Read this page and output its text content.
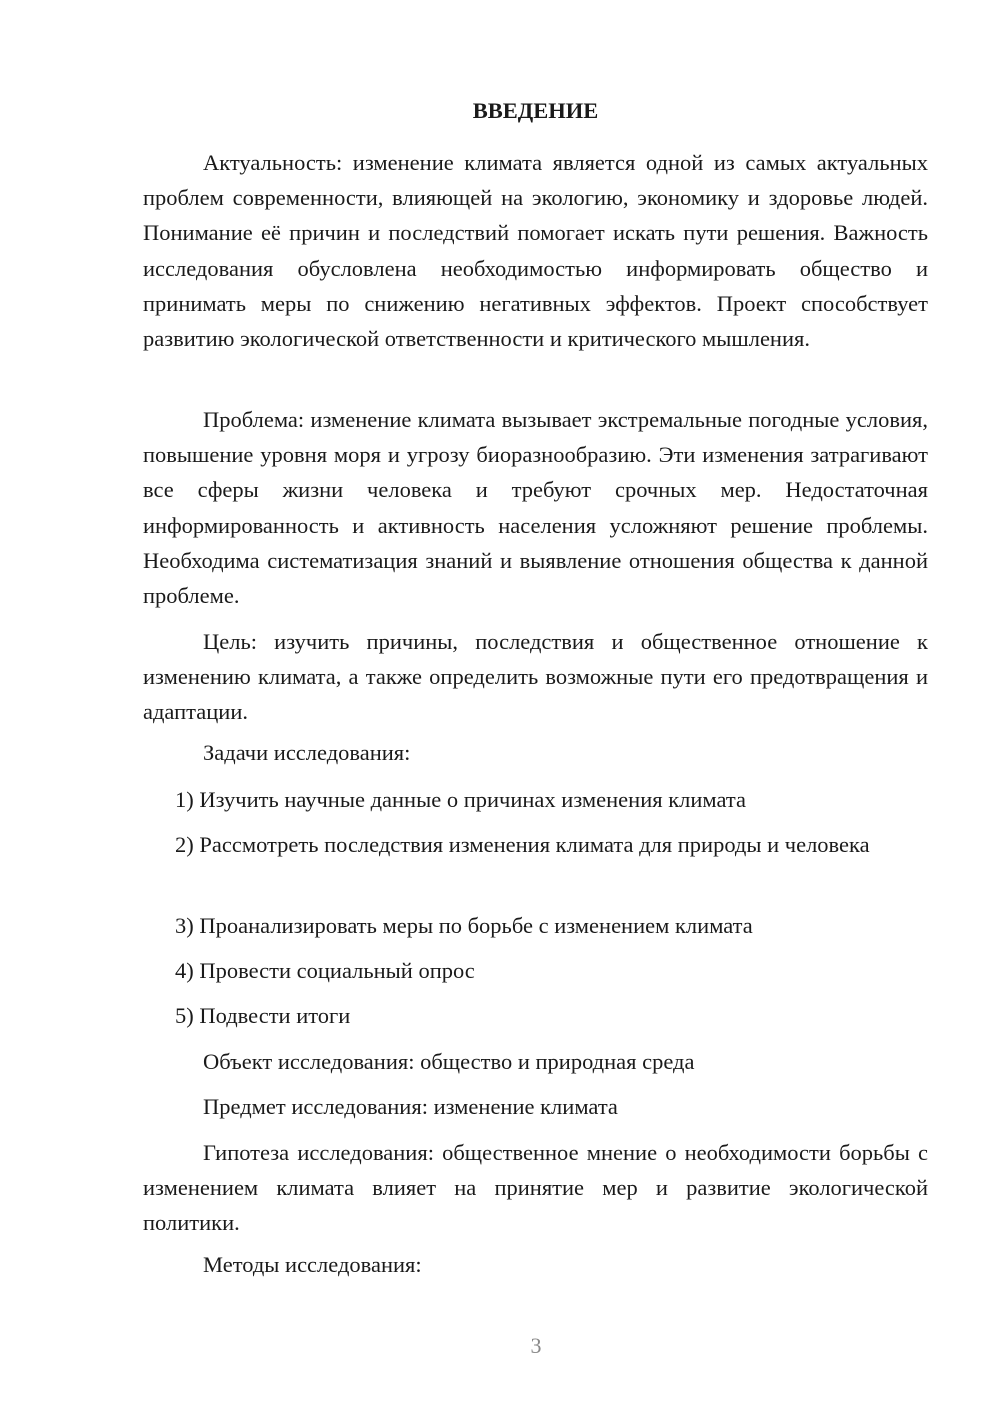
ВВЕДЕНИЕ

Актуальность: изменение климата является одной из самых актуальных проблем современности, влияющей на экологию, экономику и здоровье людей. Понимание её причин и последствий помогает искать пути решения. Важность исследования обусловлена необходимостью информировать общество и принимать меры по снижению негативных эффектов. Проект способствует развитию экологической ответственности и критического мышления.

Проблема: изменение климата вызывает экстремальные погодные условия, повышение уровня моря и угрозу биоразнообразию. Эти изменения затрагивают все сферы жизни человека и требуют срочных мер. Недостаточная информированность и активность населения усложняют решение проблемы. Необходима систематизация знаний и выявление отношения общества к данной проблеме.

Цель: изучить причины, последствия и общественное отношение к изменению климата, а также определить возможные пути его предотвращения и адаптации.

Задачи исследования:

1) Изучить научные данные о причинах изменения климата

2) Рассмотреть последствия изменения климата для природы и человека

3) Проанализировать меры по борьбе с изменением климата

4) Провести социальный опрос

5) Подвести итоги

Объект исследования: общество и природная среда

Предмет исследования: изменение климата

Гипотеза исследования: общественное мнение о необходимости борьбы с изменением климата влияет на принятие мер и развитие экологической политики.

Методы исследования:

3
